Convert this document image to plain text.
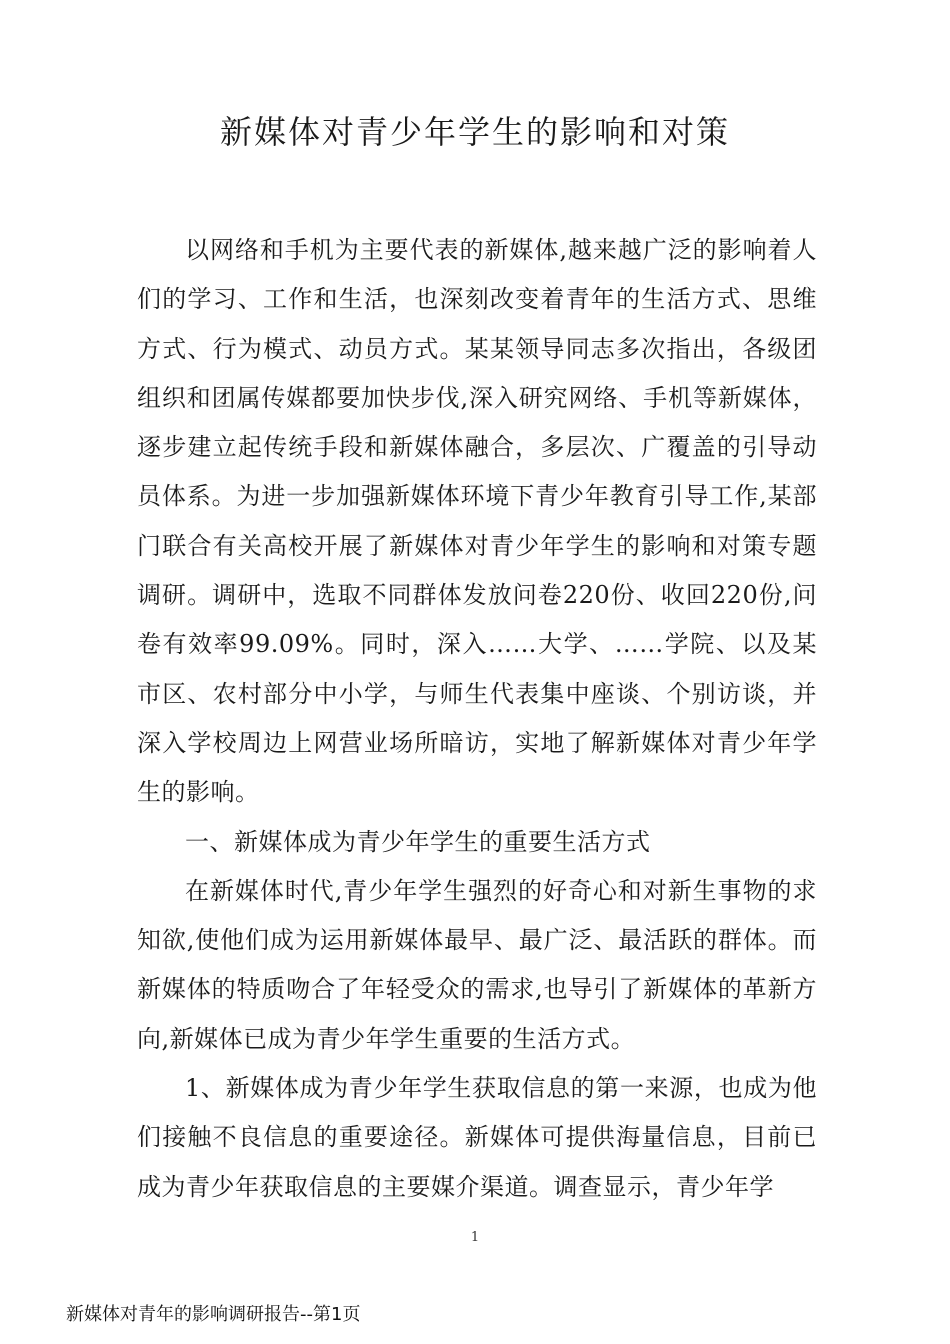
新媒体对青少年学生的影响和对策

以网络和手机为主要代表的新媒体,越来越广泛的影响着人们的学习、工作和生活，也深刻改变着青年的生活方式、思维方式、行为模式、动员方式。某某领导同志多次指出，各级团组织和团属传媒都要加快步伐,深入研究网络、手机等新媒体，逐步建立起传统手段和新媒体融合，多层次、广覆盖的引导动员体系。为进一步加强新媒体环境下青少年教育引导工作,某部门联合有关高校开展了新媒体对青少年学生的影响和对策专题调研。调研中，选取不同群体发放问卷220份、收回220份,问卷有效率99.09%。同时，深入……大学、……学院、以及某市区、农村部分中小学，与师生代表集中座谈、个别访谈，并深入学校周边上网营业场所暗访，实地了解新媒体对青少年学生的影响。

一、新媒体成为青少年学生的重要生活方式

在新媒体时代,青少年学生强烈的好奇心和对新生事物的求知欲,使他们成为运用新媒体最早、最广泛、最活跃的群体。而新媒体的特质吻合了年轻受众的需求,也导引了新媒体的革新方向,新媒体已成为青少年学生重要的生活方式。

1、新媒体成为青少年学生获取信息的第一来源，也成为他们接触不良信息的重要途径。新媒体可提供海量信息，目前已成为青少年获取信息的主要媒介渠道。调查显示，青少年学

1
新媒体对青年的影响调研报告--第1页
